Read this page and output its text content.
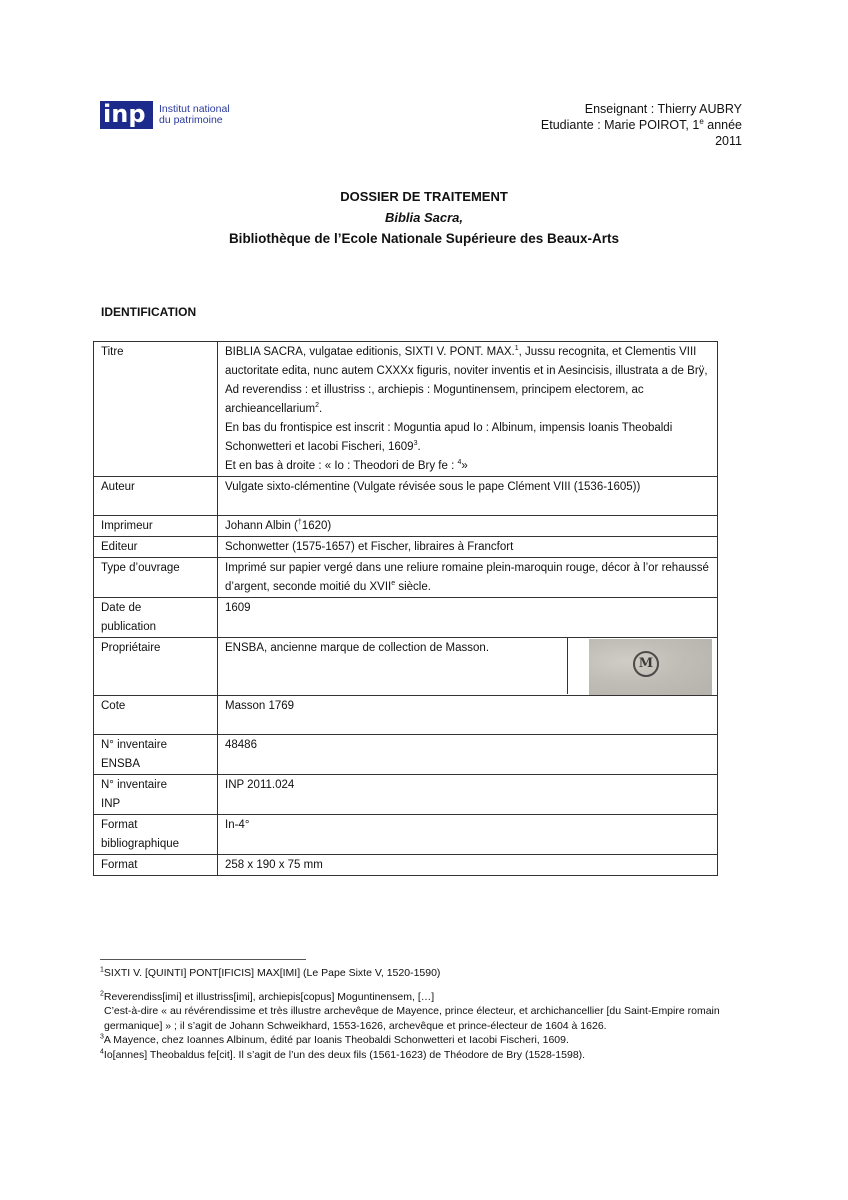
inp	Institut national
du patrimoine
Enseignant : Thierry AUBRY
Etudiante : Marie POIROT, 1e année
2011
DOSSIER DE TRAITEMENT
Biblia Sacra,
Bibliothèque de l’Ecole Nationale Supérieure des Beaux-Arts
IDENTIFICATION
Titre	BIBLIA SACRA, vulgatae editionis, SIXTI V. PONT. MAX.$^1$, Jussu recognita, et Clementis VIII auctoritate edita, nunc autem CXXXx figuris, noviter inventis et in Aesincisis, illustrata a de Brÿ, Ad reverendiss : et illustriss :, archiepis : Moguntinensem, principem electorem, ac archieancellarium$^2$.
En bas du frontispice est inscrit : Moguntia apud Io : Albinum, impensis Ioanis Theobaldi Schonwetteri et Iacobi Fischeri, 1609$^3$.
Et en bas à droite : « Io : Theodori de Bry fe : $^4$»

Auteur	Vulgate sixto-clémentine (Vulgate révisée sous le pape Clément VIII (1536-1605))
Imprimeur	Johann Albin (†1620)
Editeur	Schonwetter (1575-1657) et Fischer, libraires à Francfort
Type d’ouvrage	Imprimé sur papier vergé dans une reliure romaine plein-maroquin rouge, décor à l’or rehaussé d’argent, seconde moitié du XVIIe siècle.

Date de
publication	1609
Propriétaire	ENSBA, ancienne marque de collection de Masson.
M

Cote	Masson 1769

N° inventaire
ENSBA	48486

N° inventaire
INP	INP 2011.024

Format
bibliographique	In-4°
Format	258 x 190 x 75 mm

$^1$SIXTI V. [QUINTI] PONT[IFICIS] MAX[IMI] (Le Pape Sixte V, 1520-1590)

$^2$Reverendiss[imi] et illustriss[imi], archiepis[copus] Moguntinensem, […]

C’est-à-dire « au révérendissime et très illustre archevêque de Mayence, prince électeur, et archichancellier [du Saint-Empire romain germanique] » ; il s’agit de Johann Schweikhard, 1553-1626, archevêque et prince-électeur de 1604 à 1626.

$^3$A Mayence, chez Ioannes Albinum, édité par Ioanis Theobaldi Schonwetteri et Iacobi Fischeri, 1609.

$^4$Io[annes] Theobaldus fe[cit]. Il s’agit de l’un des deux fils (1561-1623) de Théodore de Bry (1528-1598).
